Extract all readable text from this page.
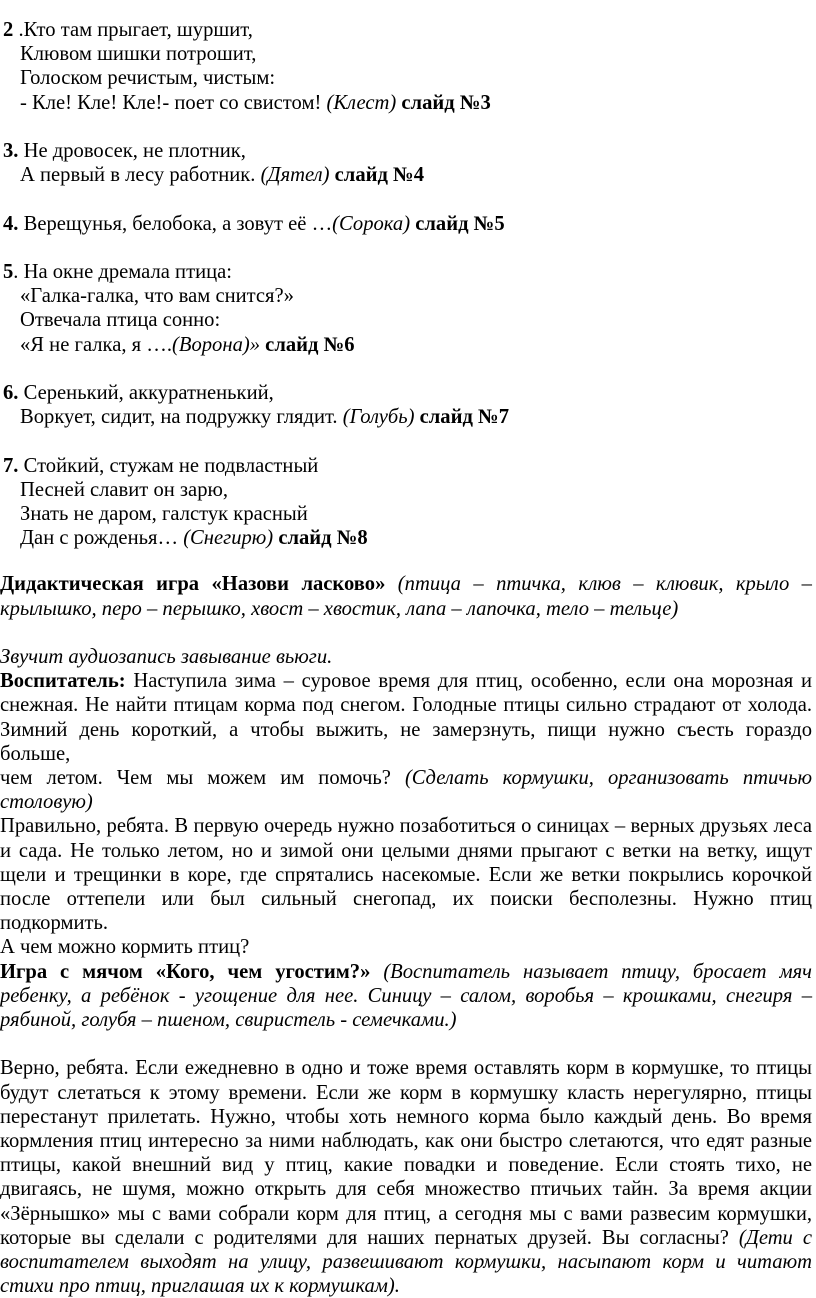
2 .Кто там прыгает, шуршит,
Клювом шишки потрошит,
Голоском речистым, чистым:
- Кле! Кле! Кле!- поет со свистом! (Клест) слайд №3
3. Не дровосек, не плотник,
А первый в лесу работник. (Дятел) слайд №4
4. Верещунья, белобока, а зовут её …(Сорока) слайд №5
5. На окне дремала птица:
«Галка-галка, что вам снится?»
Отвечала птица сонно:
«Я не галка, я ….(Ворона)» слайд №6
6. Серенький, аккуратненький,
Воркует, сидит, на подружку глядит. (Голубь) слайд №7
7. Стойкий, стужам не подвластный
Песней славит он зарю,
Знать не даром, галстук красный
Дан с рожденья… (Снегирю) слайд №8
Дидактическая игра «Назови ласково» (птица – птичка, клюв – клювик, крыло –
крылышко, перо – перышко, хвост – хвостик, лапа – лапочка, тело – тельце)
Звучит аудиозапись завывание вьюги.
Воспитатель: Наступила зима – суровое время для птиц, особенно, если она морозная и
снежная. Не найти птицам корма под снегом. Голодные птицы сильно страдают от холода.
Зимний день короткий, а чтобы выжить, не замерзнуть, пищи нужно съесть гораздо больше,
чем летом. Чем мы можем им помочь? (Сделать кормушки, организовать птичью
столовую)
Правильно, ребята. В первую очередь нужно позаботиться о синицах – верных друзьях леса
и сада. Не только летом, но и зимой они целыми днями прыгают с ветки на ветку, ищут
щели и трещинки в коре, где спрятались насекомые. Если же ветки покрылись корочкой
после оттепели или был сильный снегопад, их поиски бесполезны. Нужно птиц подкормить.
А чем можно кормить птиц?
Игра с мячом «Кого, чем угостим?» (Воспитатель называет птицу, бросает мяч
ребенку, а ребёнок - угощение для нее. Синицу – салом, воробья – крошками, снегиря –
рябиной, голубя – пшеном, свиристель - семечками.)
Верно, ребята. Если ежедневно в одно и тоже время оставлять корм в кормушке, то птицы
будут слетаться к этому времени. Если же корм в кормушку класть нерегулярно, птицы
перестанут прилетать. Нужно, чтобы хоть немного корма было каждый день. Во время
кормления птиц интересно за ними наблюдать, как они быстро слетаются, что едят разные
птицы, какой внешний вид у птиц, какие повадки и поведение. Если стоять тихо, не
двигаясь, не шумя, можно открыть для себя множество птичьих тайн. За время акции
«Зёрнышко» мы с вами собрали корм для птиц, а сегодня мы с вами развесим кормушки,
которые вы сделали с родителями для наших пернатых друзей. Вы согласны? (Дети с
воспитателем выходят на улицу, развешивают кормушки, насыпают корм и читают
стихи про птиц, приглашая их к кормушкам).
